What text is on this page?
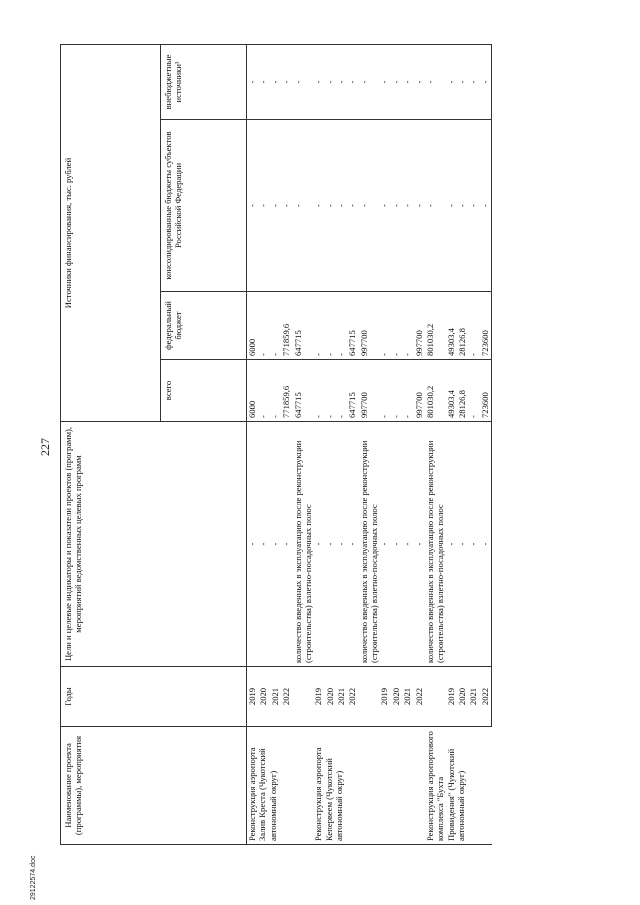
227
Наименование проекта (программы), мероприятия	Годы	Цели и целевые индикаторы и показатели проектов (программ), мероприятий ведомственных целевых программ	Источники финансирования, тыс. рублей			
			всего	федеральный бюджет	консолидированные бюджеты субъектов Российской Федерации	внебюджетные источники¹
Реконструкция аэропорта Залив Креста (Чукотский автономный округ)	2019	-	6000	6000	-	-
	2020	-	-	-	-	-
	2021	-	-	-	-	-
	2022	-	771859,6	771859,6	-	-
		количество введенных в эксплуатацию после реконструкции (строительства) взлетно-посадочных полос	647715	647715	-	-
Реконструкция аэропорта Кепервеем (Чукотский автономный округ)	2019	-	-	-	-	-
	2020	-	-	-	-	-
	2021	-	-	-	-	-
	2022	-	647715	647715	-	-
		количество введенных в эксплуатацию после реконструкции (строительства) взлетно-посадочных полос	997700	997700	-	-
	2019	-	-	-	-	-
	2020	-	-	-	-	-
	2021	-	-	-	-	-
	2022	-	997700	997700	-	-
Реконструкция аэропортового комплекса "Бухта Провидения" (Чукотский автономный округ)		количество введенных в эксплуатацию после реконструкции (строительства) взлетно-посадочных полос	801030,2	801030,2	-	-
	2019	-	49303,4	49303,4	-	-
	2020	-	28126,8	28126,8	-	-
	2021	-	-	-	-	-
	2022	-	723600	723600	-	-
29122574.doc
